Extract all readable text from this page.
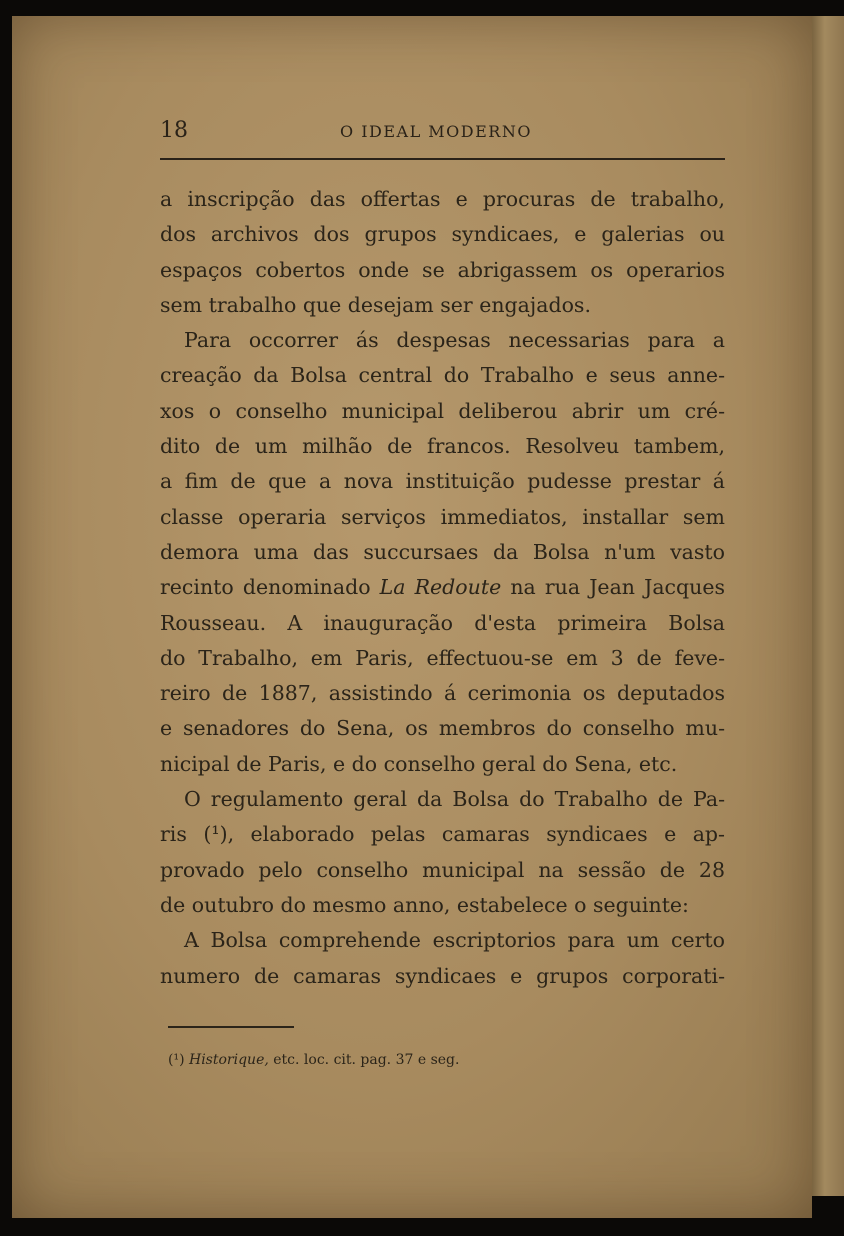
18	O IDEAL MODERNO
a inscripção das offertas e procuras de trabalho,
dos archivos dos grupos syndicaes, e galerias ou
espaços cobertos onde se abrigassem os operarios
sem trabalho que desejam ser engajados.
Para occorrer ás despesas necessarias para a
creação da Bolsa central do Trabalho e seus anne-
xos o conselho municipal deliberou abrir um cré-
dito de um milhão de francos. Resolveu tambem,
a fim de que a nova instituição pudesse prestar á
classe operaria serviços immediatos, installar sem
demora uma das succursaes da Bolsa n'um vasto
recinto denominado La Redoute na rua Jean Jacques
Rousseau. A inauguração d'esta primeira Bolsa
do Trabalho, em Paris, effectuou-se em 3 de feve-
reiro de 1887, assistindo á cerimonia os deputados
e senadores do Sena, os membros do conselho mu-
nicipal de Paris, e do conselho geral do Sena, etc.
O regulamento geral da Bolsa do Trabalho de Pa-
ris (¹), elaborado pelas camaras syndicaes e ap-
provado pelo conselho municipal na sessão de 28
de outubro do mesmo anno, estabelece o seguinte:
A Bolsa comprehende escriptorios para um certo
numero de camaras syndicaes e grupos corporati-
(¹) Historique, etc. loc. cit. pag. 37 e seg.
